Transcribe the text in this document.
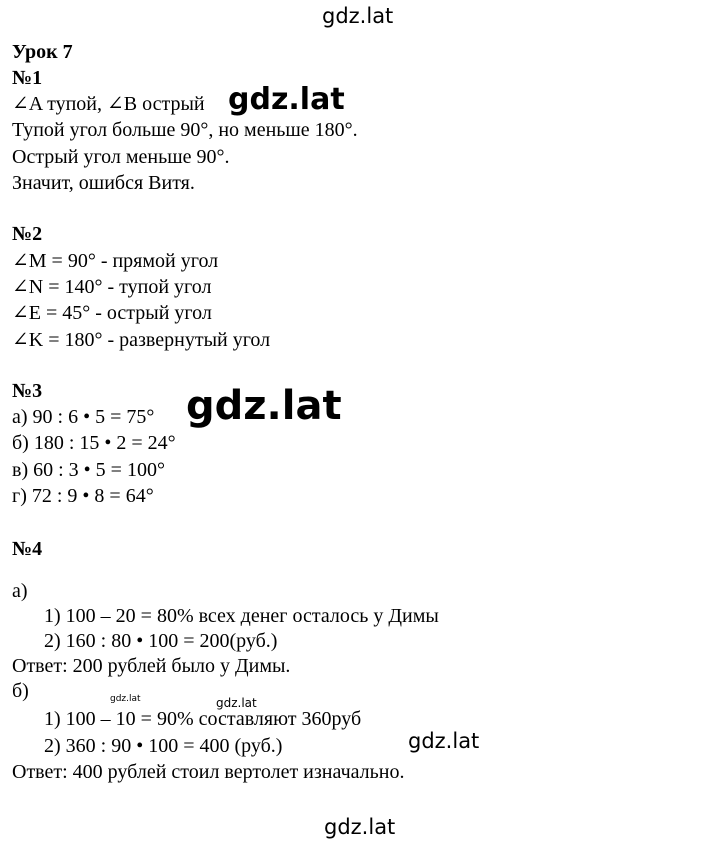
gdz.lat
Урок 7
№1
∠A тупой, ∠B острый
Тупой угол больше 90°, но меньше 180°.
Острый угол меньше 90°.
Значит, ошибся Витя.
gdz.lat
№2
∠M = 90° - прямой угол
∠N = 140° - тупой угол
∠E = 45° - острый угол
∠K = 180° - развернутый угол
№3
а) 90 : 6 • 5 = 75°
б) 180 : 15 • 2 = 24°
в) 60 : 3 • 5 = 100°
г) 72 : 9 • 8 = 64°
gdz.lat
№4
а)
1) 100 – 20 = 80% всех денег осталось у Димы
2) 160 : 80 • 100 = 200(руб.)
Ответ: 200 рублей было у Димы.
б)
1) 100 – 10 = 90% составляют 360руб
2) 360 : 90 • 100 = 400 (руб.)
Ответ: 400 рублей стоил вертолет изначально.
gdz.lat	gdz.lat
gdz.lat
gdz.lat
